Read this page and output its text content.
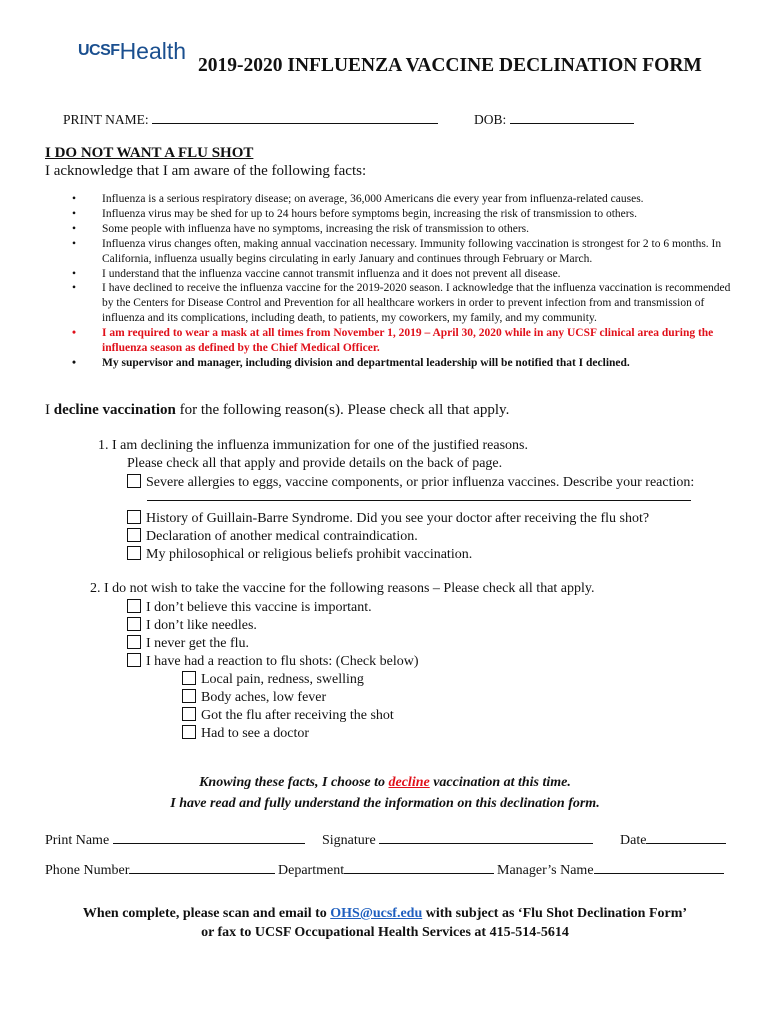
UCSFHealth
2019-2020 INFLUENZA VACCINE DECLINATION FORM
PRINT NAME:	DOB:
I DO NOT WANT A FLU SHOT
I acknowledge that I am aware of the following facts:
• Influenza is a serious respiratory disease; on average, 36,000 Americans die every year from influenza-related causes.
• Influenza virus may be shed for up to 24 hours before symptoms begin, increasing the risk of transmission to others.
• Some people with influenza have no symptoms, increasing the risk of transmission to others.
• Influenza virus changes often, making annual vaccination necessary. Immunity following vaccination is strongest for 2 to 6 months. In California, influenza usually begins circulating in early January and continues through February or March.
• I understand that the influenza vaccine cannot transmit influenza and it does not prevent all disease.
• I have declined to receive the influenza vaccine for the 2019-2020 season. I acknowledge that the influenza vaccination is recommended by the Centers for Disease Control and Prevention for all healthcare workers in order to prevent infection from and transmission of influenza and its complications, including death, to patients, my coworkers, my family, and my community.
• I am required to wear a mask at all times from November 1, 2019 – April 30, 2020 while in any UCSF clinical area during the influenza season as defined by the Chief Medical Officer.
• My supervisor and manager, including division and departmental leadership will be notified that I declined.
I decline vaccination for the following reason(s). Please check all that apply.
1. I am declining the influenza immunization for one of the justified reasons.
Please check all that apply and provide details on the back of page.
Severe allergies to eggs, vaccine components, or prior influenza vaccines. Describe your reaction:
History of Guillain-Barre Syndrome. Did you see your doctor after receiving the flu shot?
Declaration of another medical contraindication.
My philosophical or religious beliefs prohibit vaccination.
2. I do not wish to take the vaccine for the following reasons – Please check all that apply.
I don’t believe this vaccine is important.
I don’t like needles.
I never get the flu.
I have had a reaction to flu shots: (Check below)
Local pain, redness, swelling
Body aches, low fever
Got the flu after receiving the shot
Had to see a doctor
Knowing these facts, I choose to decline vaccination at this time.
I have read and fully understand the information on this declination form.
Print Name	Signature	Date
Phone Number	Department	Manager’s Name
When complete, please scan and email to OHS@ucsf.edu with subject as ‘Flu Shot Declination Form’
or fax to UCSF Occupational Health Services at 415-514-5614
